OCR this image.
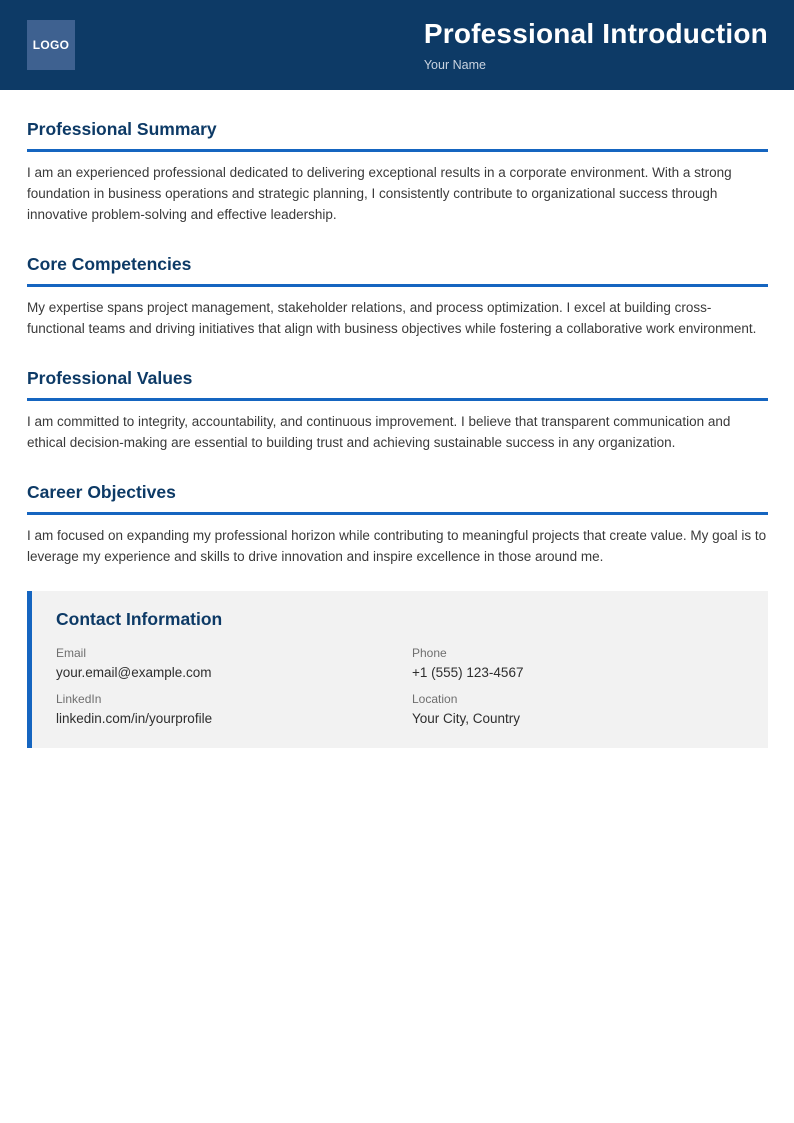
LOGO	Professional Introduction
Your Name
Professional Summary

I am an experienced professional dedicated to delivering exceptional results in a corporate environment. With a strong foundation in business operations and strategic planning, I consistently contribute to organizational success through innovative problem-solving and effective leadership.

Core Competencies

My expertise spans project management, stakeholder relations, and process optimization. I excel at building cross-functional teams and driving initiatives that align with business objectives while fostering a collaborative work environment.

Professional Values

I am committed to integrity, accountability, and continuous improvement. I believe that transparent communication and ethical decision-making are essential to building trust and achieving sustainable success in any organization.

Career Objectives

I am focused on expanding my professional horizon while contributing to meaningful projects that create value. My goal is to leverage my experience and skills to drive innovation and inspire excellence in those around me.

Contact Information
Email
your.email@example.com
Phone
+1 (555) 123-4567
LinkedIn
linkedin.com/in/yourprofile
Location
Your City, Country
